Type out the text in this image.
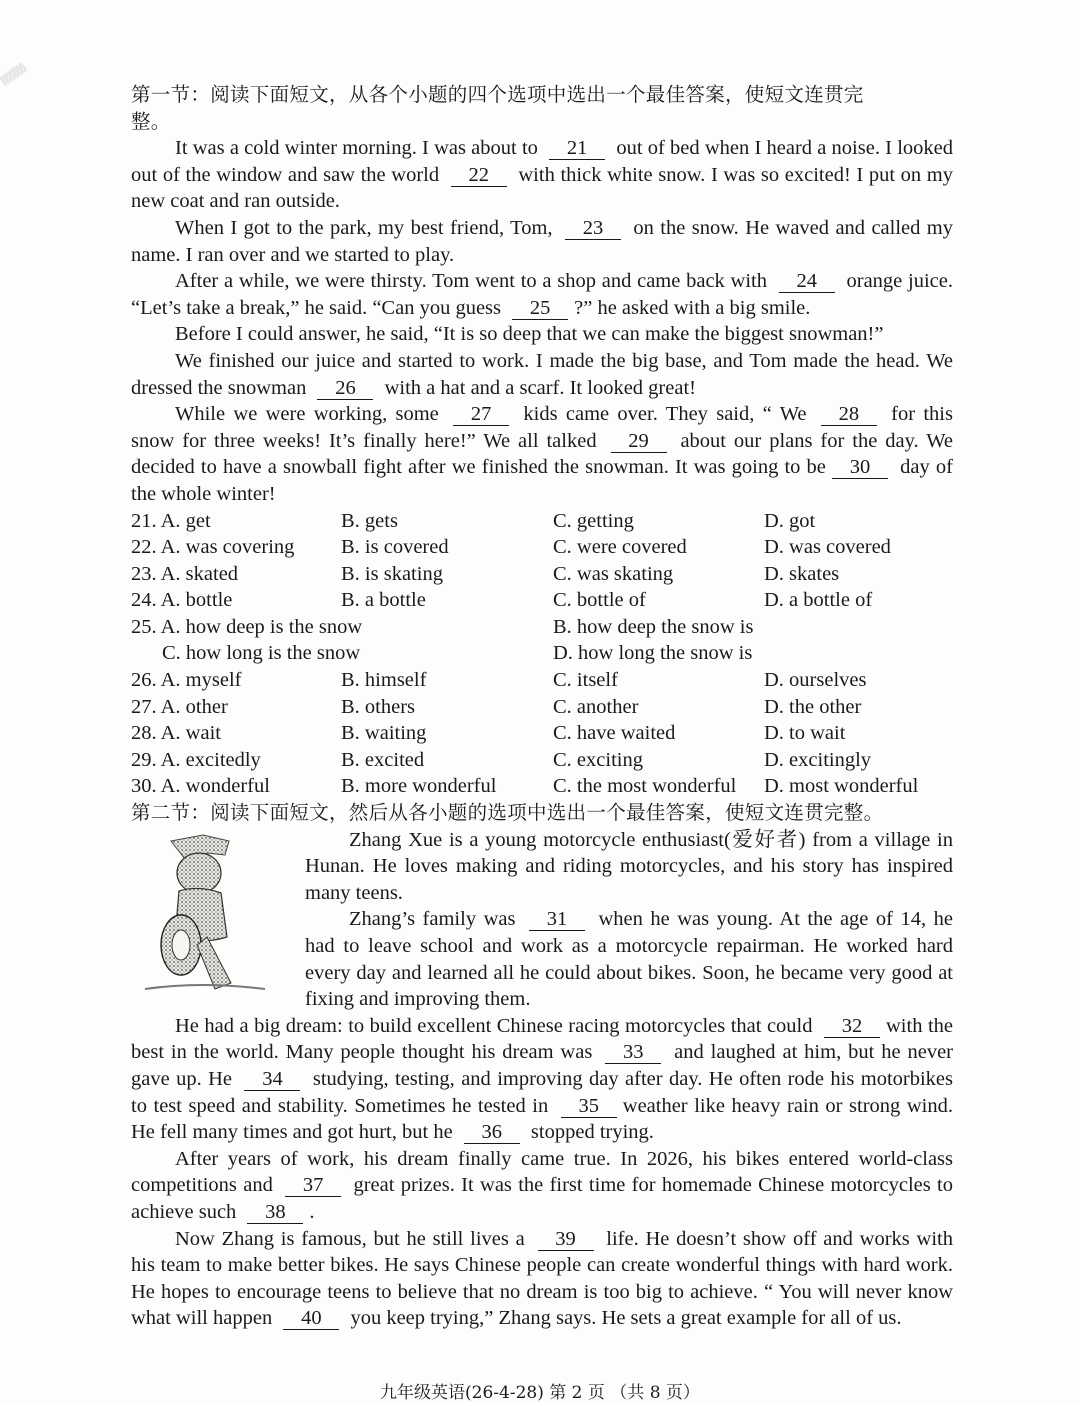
▒▒▒▒
第一节：阅读下面短文，从各个小题的四个选项中选出一个最佳答案，使短文连贯完
整。

It was a cold winter morning. I was about to 21 out of bed when I heard a noise. I looked out of the window and saw the world 22 with thick white snow. I was so excited! I put on my new coat and ran outside.

When I got to the park, my best friend, Tom, 23 on the snow. He waved and called my name. I ran over and we started to play.

After a while, we were thirsty. Tom went to a shop and came back with 24 orange juice. “Let’s take a break,” he said. “Can you guess 25 ?” he asked with a big smile.

Before I could answer, he said, “It is so deep that we can make the biggest snowman!”

We finished our juice and started to work. I made the big base, and Tom made the head. We dressed the snowman 26 with a hat and a scarf. It looked great!

While we were working, some 27 kids came over. They said, “ We 28 for this snow for three weeks! It’s finally here!” We all talked 29 about our plans for the day. We decided to have a snowball fight after we finished the snowman. It was going to be 30 day of the whole winter!

21. A. get	B. gets	C. getting	D. got
22. A. was covering	B. is covered	C. were covered	D. was covered
23. A. skated	B. is skating	C. was skating	D. skates
24. A. bottle	B. a bottle	C. bottle of	D. a bottle of
25. A. how deep is the snow	B. how deep the snow is
C. how long is the snow	D. how long the snow is
26. A. myself	B. himself	C. itself	D. ourselves
27. A. other	B. others	C. another	D. the other
28. A. wait	B. waiting	C. have waited	D. to wait
29. A. excitedly	B. excited	C. exciting	D. excitingly
30. A. wonderful	B. more wonderful	C. the most wonderful	D. most wonderful
第二节：阅读下面短文，然后从各小题的选项中选出一个最佳答案，使短文连贯完整。

Zhang Xue is a young motorcycle enthusiast(爱好者) from a village in Hunan. He loves making and riding motorcycles, and his story has inspired many teens.

Zhang’s family was 31 when he was young. At the age of 14, he had to leave school and work as a motorcycle repairman. He worked hard every day and learned all he could about bikes. Soon, he became very good at fixing and improving them.

He had a big dream: to build excellent Chinese racing motorcycles that could 32 with the best in the world. Many people thought his dream was 33 and laughed at him, but he never gave up. He 34 studying, testing, and improving day after day. He often rode his motorbikes to test speed and stability. Sometimes he tested in 35 weather like heavy rain or strong wind. He fell many times and got hurt, but he 36 stopped trying.

After years of work, his dream finally came true. In 2026, his bikes entered world-class competitions and 37 great prizes. It was the first time for homemade Chinese motorcycles to achieve such 38 .

Now Zhang is famous, but he still lives a 39 life. He doesn’t show off and works with his team to make better bikes. He says Chinese people can create wonderful things with hard work. He hopes to encourage teens to believe that no dream is too big to achieve. “ You will never know what will happen 40 you keep trying,” Zhang says. He sets a great example for all of us.

九年级英语(26-4-28) 第 2 页 （共 8 页）
